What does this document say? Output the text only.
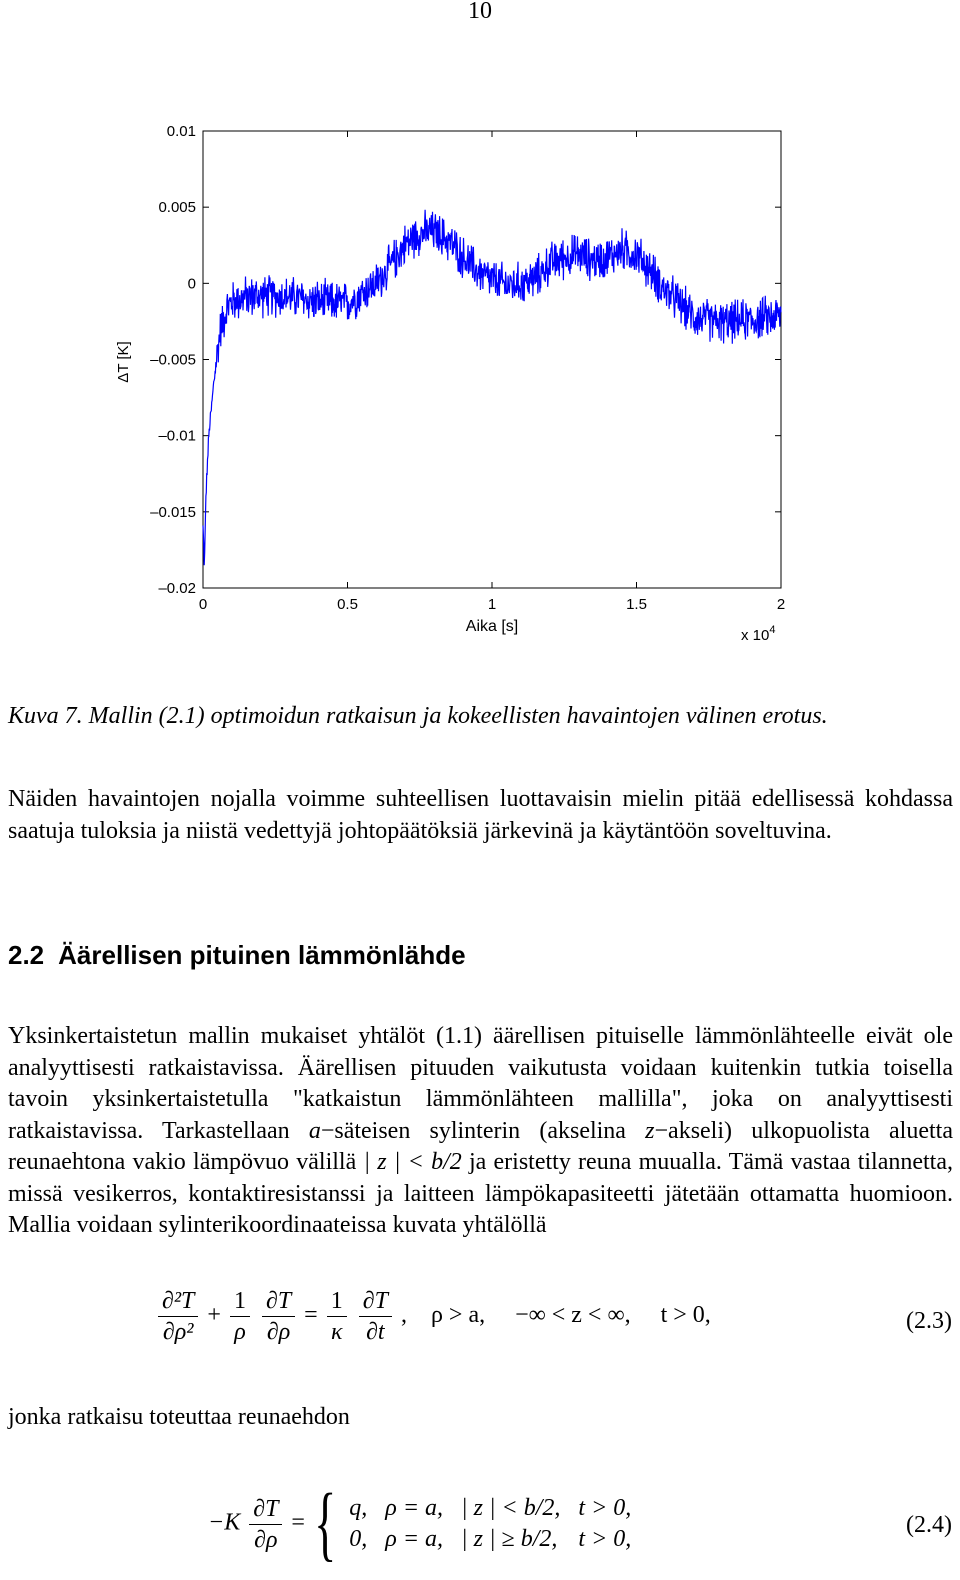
10
0	0.5	1	1.5	2
0.01
0.005
0
–0.005
–0.01
–0.015
–0.02
ΔT [K]
Aika [s]
x $10^4$
Kuva 7. Mallin (2.1) optimoidun ratkaisun ja kokeellisten havaintojen välinen erotus.
Näiden havaintojen nojalla voimme suhteellisen luottavaisin mielin pitää edellisessä kohdassa saatuja tuloksia ja niistä vedettyjä johtopäätöksiä järkevinä ja käytäntöön soveltuvina.
2.2 Äärellisen pituinen lämmönlähde
Yksinkertaistetun mallin mukaiset yhtälöt (1.1) äärellisen pituiselle lämmönlähteelle eivät ole analyyttisesti ratkaistavissa. Äärellisen pituuden vaikutusta voidaan kuitenkin tutkia toisella tavoin yksinkertaistetulla "katkaistun lämmönlähteen mallilla", joka on analyyttisesti ratkaistavissa. Tarkastellaan a−säteisen sylinterin (akselina z−akseli) ulkopuolista aluetta reunaehtona vakio lämpövuo välillä | z | < b/2 ja eristetty reuna muualla. Tämä vastaa tilannetta, missä vesikerros, kontaktiresistanssi ja laitteen lämpökapasiteetti jätetään ottamatta huomioon. Mallia voidaan sylinterikoordinaateissa kuvata yhtälöllä
$\frac{\text{∂²T}}{\text{∂ρ²}} + \frac{1}{\rho}$
$\frac{\partial T}{\partial\rho} = \frac{1}{\kappa}$
$\frac{\partial T}{\partial t}$ ,    ρ > a,     −∞ < z < ∞,     t > 0,	(2.3)
jonka ratkaisu toteuttaa reunaehdon
$-K \frac{\partial T}{\partial\rho}$ = { q,	ρ = a,	| z | < b/2,	t > 0,
0,	ρ = a,	| z | ≥ b/2,	t > 0,
(2.4)
